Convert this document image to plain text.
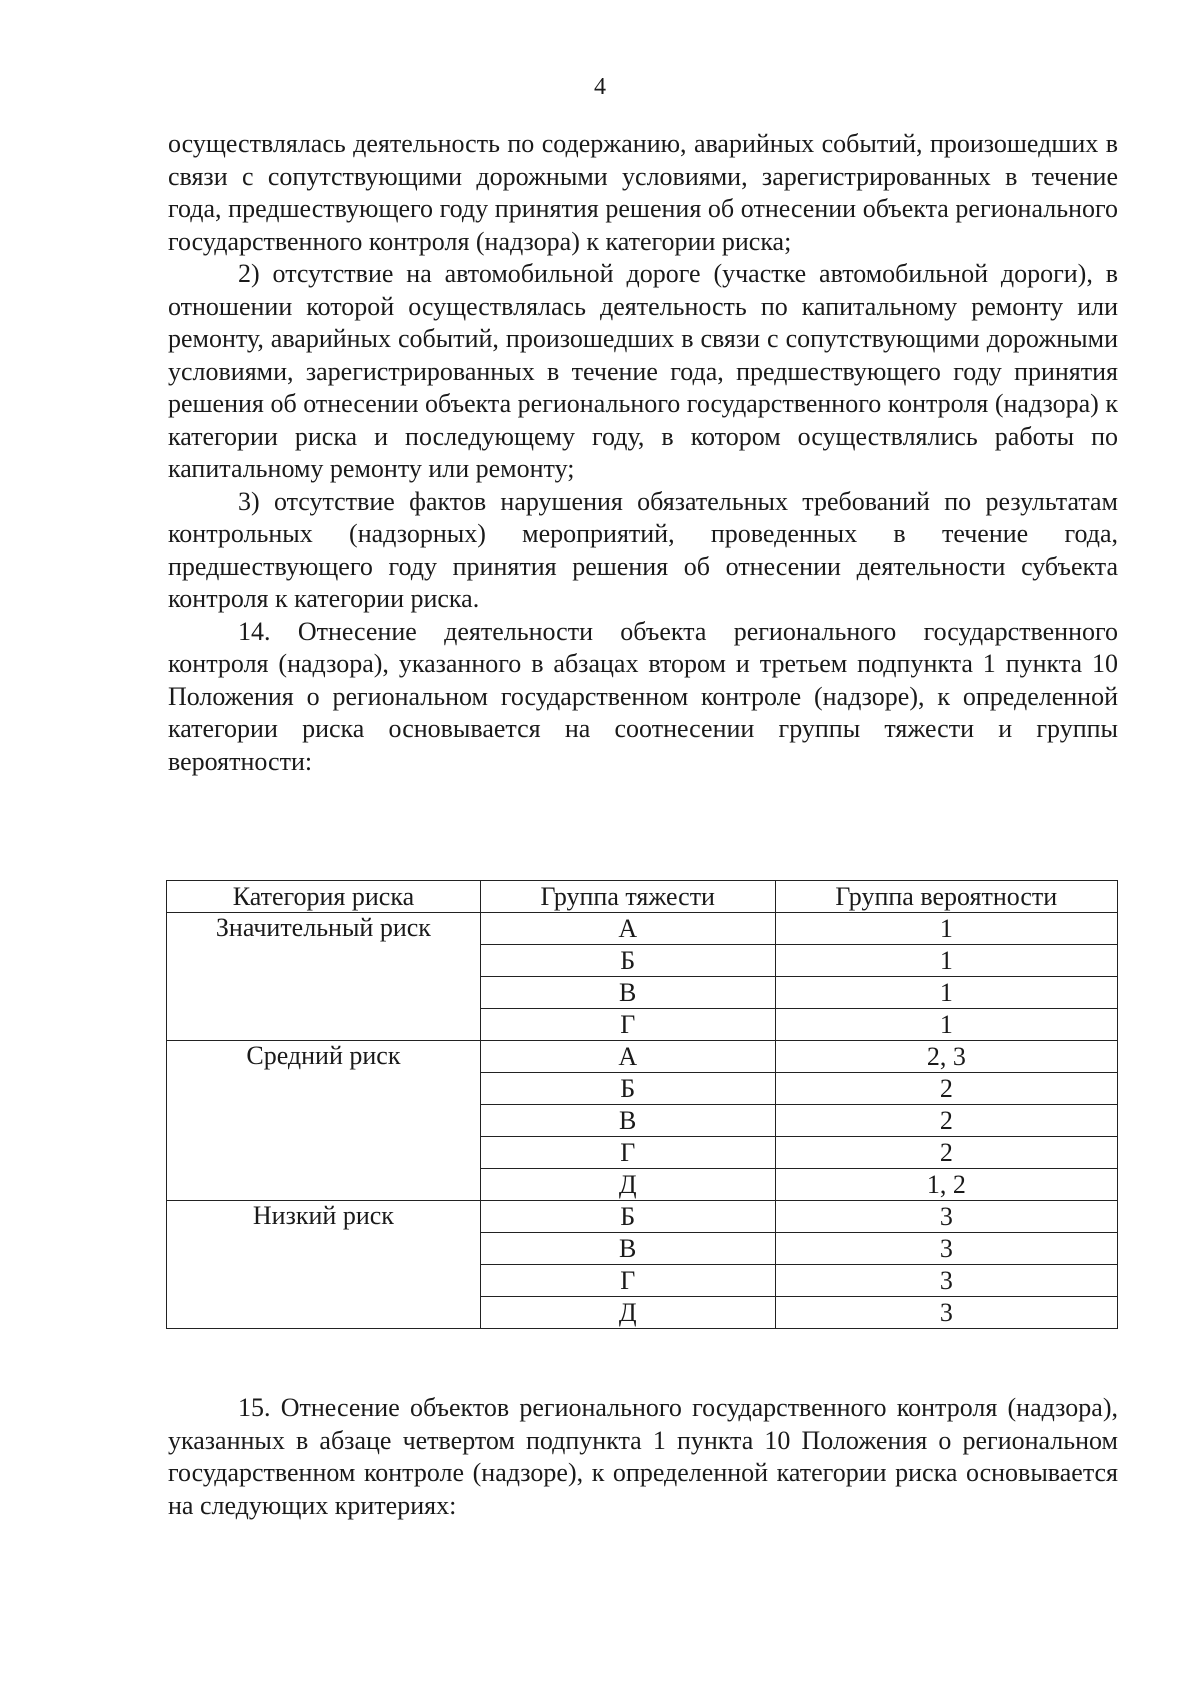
4

осуществлялась деятельность по содержанию, аварийных событий, произошедших в связи с сопутствующими дорожными условиями, зарегистрированных в течение года, предшествующего году принятия решения об отнесении объекта регионального государственного контроля (надзора) к категории риска;

2) отсутствие на автомобильной дороге (участке автомобильной дороги), в отношении которой осуществлялась деятельность по капитальному ремонту или ремонту, аварийных событий, произошедших в связи с сопутствующими дорожными условиями, зарегистрированных в течение года, предшествующего году принятия решения об отнесении объекта регионального государственного контроля (надзора) к категории риска и последующему году, в котором осуществлялись работы по капитальному ремонту или ремонту;

3) отсутствие фактов нарушения обязательных требований по результатам контрольных (надзорных) мероприятий, проведенных в течение года, предшествующего году принятия решения об отнесении деятельности субъекта контроля к категории риска.

14. Отнесение деятельности объекта регионального государственного контроля (надзора), указанного в абзацах втором и третьем подпункта 1 пункта 10 Положения о региональном государственном контроле (надзоре), к определенной категории риска основывается на соотнесении группы тяжести и группы вероятности:

Категория риска	Группа тяжести	Группа вероятности
Значительный риск	А	1
	Б	1
	В	1
	Г	1
Средний риск	А	2, 3
	Б	2
	В	2
	Г	2
	Д	1, 2
Низкий риск	Б	3
	В	3
	Г	3
	Д	3

15. Отнесение объектов регионального государственного контроля (надзора), указанных в абзаце четвертом подпункта 1 пункта 10 Положения о региональном государственном контроле (надзоре), к определенной категории риска основывается на следующих критериях:
